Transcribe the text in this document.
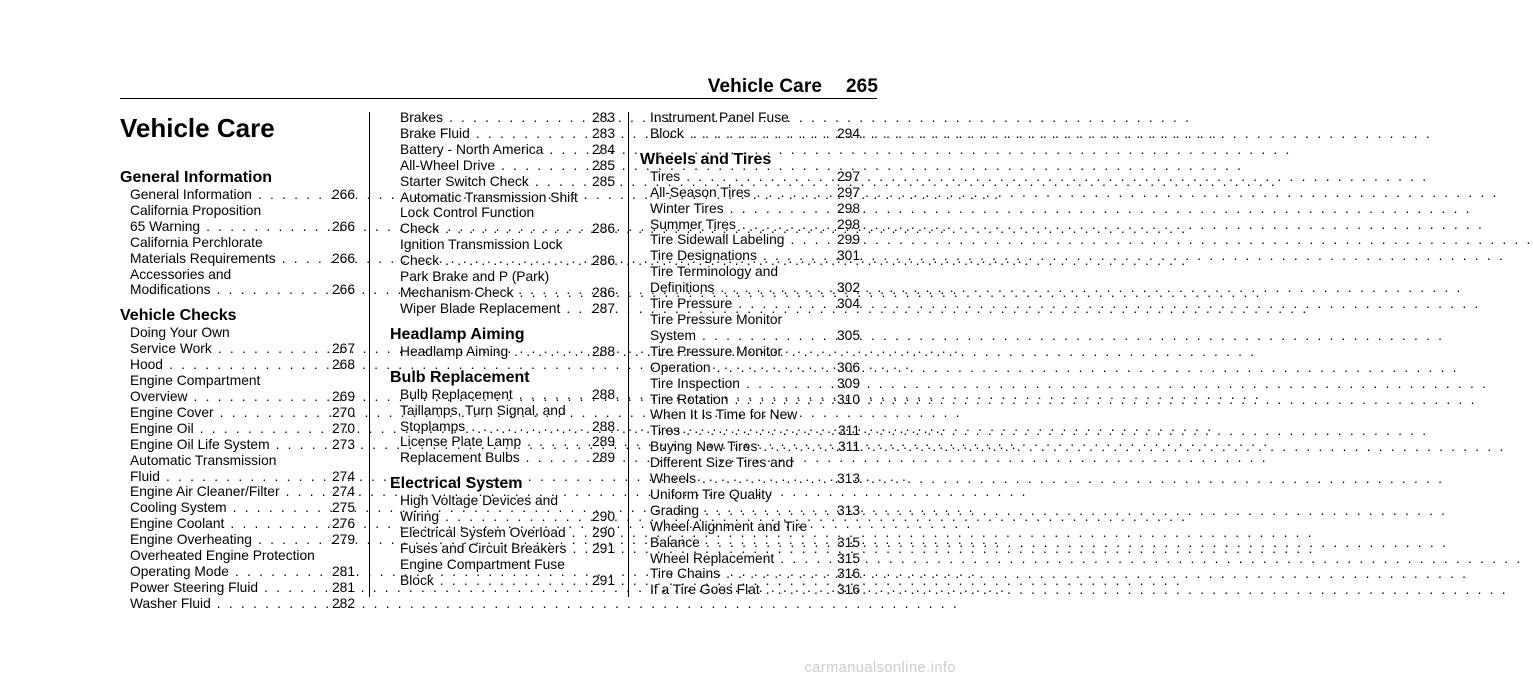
Vehicle Care 265
Vehicle Care
General Information
General Information . . .	266
California Proposition
65 Warning . . .	266
California Perchlorate
Materials Requirements . . .	266
Accessories and
Modifications . . .	266
Vehicle Checks
Doing Your Own
Service Work . . .	267
Hood . . .	268
Engine Compartment
Overview . . .	269
Engine Cover . . .	270
Engine Oil . . .	270
Engine Oil Life System . . .	273
Automatic Transmission
Fluid . . .	274
Engine Air Cleaner/Filter . . .	274
Cooling System . . .	275
Engine Coolant . . .	276
Engine Overheating . . .	279
Overheated Engine Protection
Operating Mode . . .	281
Power Steering Fluid . . .	281
Washer Fluid . . .	282
Brakes . . .	283
Brake Fluid . . .	283
Battery - North America . . .	284
All-Wheel Drive . . .	285
Starter Switch Check . . .	285
Automatic Transmission Shift
Lock Control Function
Check . . .	286
Ignition Transmission Lock
Check . . .	286
Park Brake and P (Park)
Mechanism Check . . .	286
Wiper Blade Replacement . . .	287
Headlamp Aiming
Headlamp Aiming . . .	288
Bulb Replacement
Bulb Replacement . . .	288
Taillamps, Turn Signal, and
Stoplamps . . .	288
License Plate Lamp . . .	289
Replacement Bulbs . . .	289
Electrical System
High Voltage Devices and
Wiring . . .	290
Electrical System Overload . . .	290
Fuses and Circuit Breakers . . .	291
Engine Compartment Fuse
Block . . .	291
Instrument Panel Fuse
Block . . .	294
Wheels and Tires
Tires . . .	297
All-Season Tires . . .	297
Winter Tires . . .	298
Summer Tires . . .	298
Tire Sidewall Labeling . . .	299
Tire Designations . . .	301
Tire Terminology and
Definitions . . .	302
Tire Pressure . . .	304
Tire Pressure Monitor
System . . .	305
Tire Pressure Monitor
Operation . . .	306
Tire Inspection . . .	309
Tire Rotation . . .	310
When It Is Time for New
Tires . . .	311
Buying New Tires . . .	311
Different Size Tires and
Wheels . . .	313
Uniform Tire Quality
Grading . . .	313
Wheel Alignment and Tire
Balance . . .	315
Wheel Replacement . . .	315
Tire Chains . . .	316
If a Tire Goes Flat . . .	316
carmanualsonline.info
